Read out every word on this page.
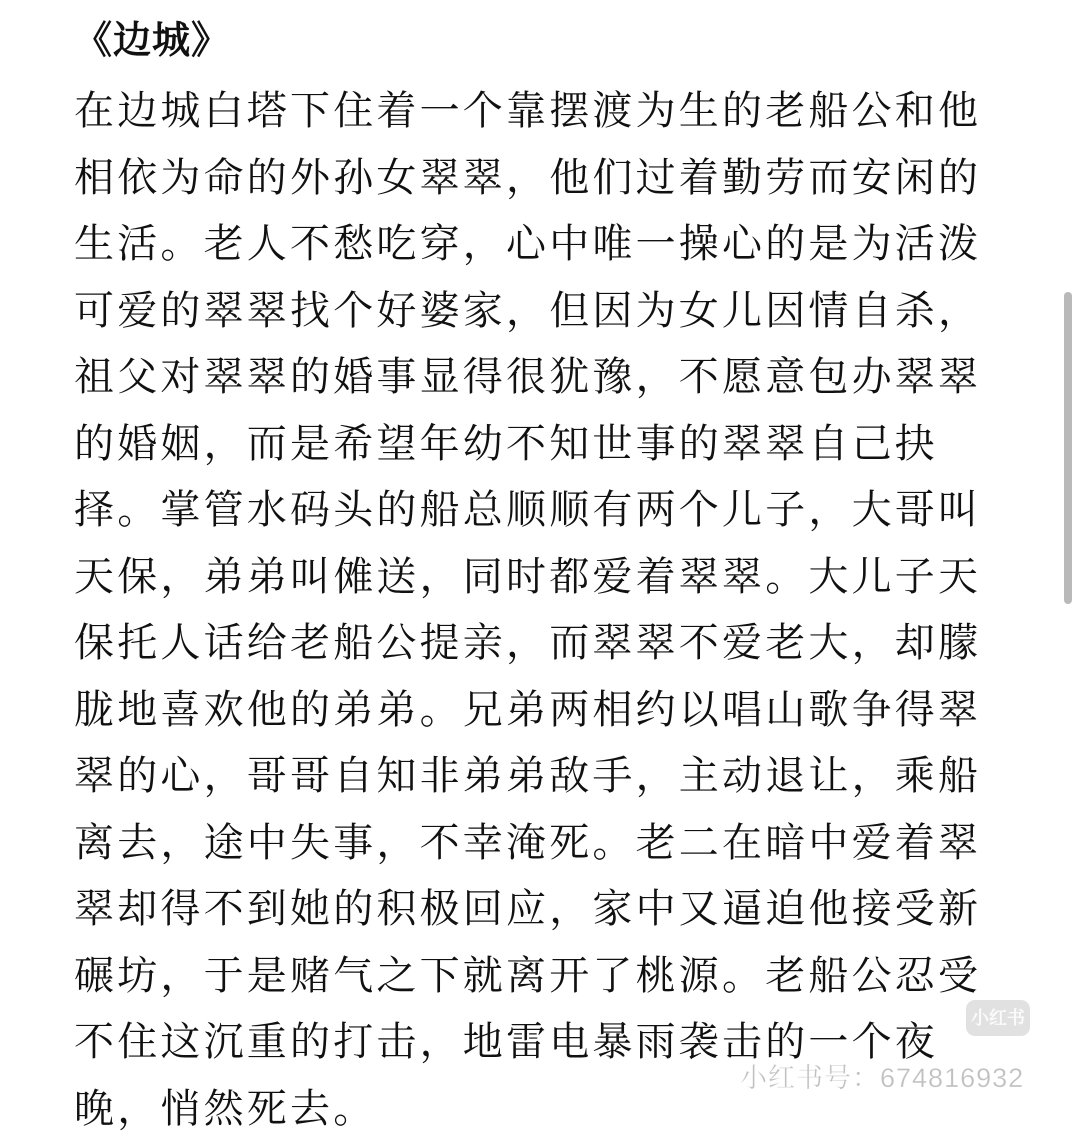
《边城》
在边城白塔下住着一个靠摆渡为生的老船公和他
相依为命的外孙女翠翠，他们过着勤劳而安闲的
生活。老人不愁吃穿，心中唯一操心的是为活泼
可爱的翠翠找个好婆家，但因为女儿因情自杀，
祖父对翠翠的婚事显得很犹豫，不愿意包办翠翠
的婚姻，而是希望年幼不知世事的翠翠自己抉
择。掌管水码头的船总顺顺有两个儿子，大哥叫
天保，弟弟叫傩送，同时都爱着翠翠。大儿子天
保托人话给老船公提亲，而翠翠不爱老大，却朦
胧地喜欢他的弟弟。兄弟两相约以唱山歌争得翠
翠的心，哥哥自知非弟弟敌手，主动退让，乘船
离去，途中失事，不幸淹死。老二在暗中爱着翠
翠却得不到她的积极回应，家中又逼迫他接受新
碾坊，于是赌气之下就离开了桃源。老船公忍受
不住这沉重的打击，地雷电暴雨袭击的一个夜
晚，悄然死去。
小红书
小红书号：674816932
